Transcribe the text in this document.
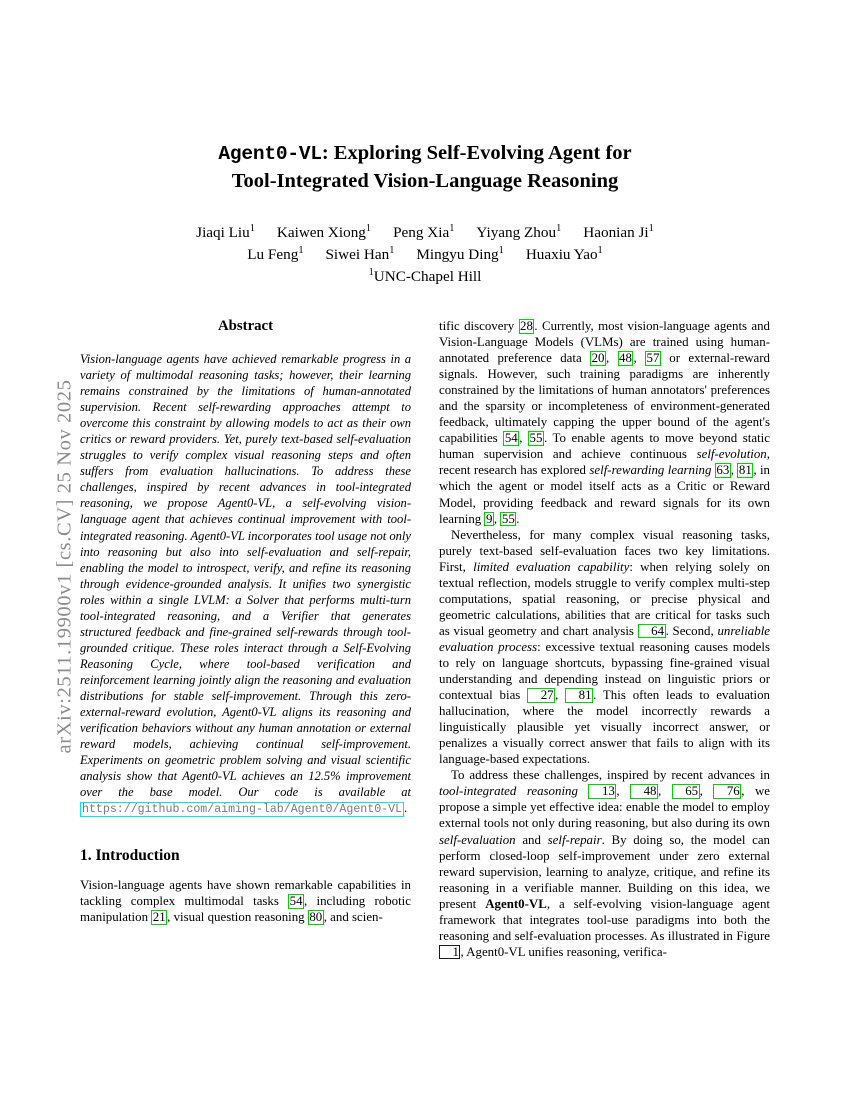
arXiv:2511.19900v1 [cs.CV] 25 Nov 2025
Agent0-VL: Exploring Self-Evolving Agent for
Tool-Integrated Vision-Language Reasoning
Jiaqi Liu$^1$ Kaiwen Xiong$^1$ Peng Xia$^1$ Yiyang Zhou$^1$ Haonian Ji$^1$
Lu Feng$^1$ Siwei Han$^1$ Mingyu Ding$^1$ Huaxiu Yao$^1$
$^1$UNC-Chapel Hill
Abstract

Vision-language agents have achieved remarkable progress in a variety of multimodal reasoning tasks; however, their learning remains constrained by the limitations of human-annotated supervision. Recent self-rewarding approaches attempt to overcome this constraint by allowing models to act as their own critics or reward providers. Yet, purely text-based self-evaluation struggles to verify complex visual reasoning steps and often suffers from evaluation hallucinations. To address these challenges, inspired by recent advances in tool-integrated reasoning, we propose Agent0-VL, a self-evolving vision-language agent that achieves continual improvement with tool-integrated reasoning. Agent0-VL incorporates tool usage not only into reasoning but also into self-evaluation and self-repair, enabling the model to introspect, verify, and refine its reasoning through evidence-grounded analysis. It unifies two synergistic roles within a single LVLM: a Solver that performs multi-turn tool-integrated reasoning, and a Verifier that generates structured feedback and fine-grained self-rewards through tool-grounded critique. These roles interact through a Self-Evolving Reasoning Cycle, where tool-based verification and reinforcement learning jointly align the reasoning and evaluation distributions for stable self-improvement. Through this zero-external-reward evolution, Agent0-VL aligns its reasoning and verification behaviors without any human annotation or external reward models, achieving continual self-improvement. Experiments on geometric problem solving and visual scientific analysis show that Agent0-VL achieves an 12.5% improvement over the base model. Our code is available at https://github.com/aiming-lab/Agent0/Agent0-VL .

1. Introduction

Vision-language agents have shown remarkable capabilities in tackling complex multimodal tasks 54 , including robotic manipulation 21 , visual question reasoning 80 , and scien-

tific discovery 28 . Currently, most vision-language agents and Vision-Language Models (VLMs) are trained using human-annotated preference data 20 , 48 , 57 or external-reward signals. However, such training paradigms are inherently constrained by the limitations of human annotators' preferences and the sparsity or incompleteness of environment-generated feedback, ultimately capping the upper bound of the agent's capabilities 54 , 55 . To enable agents to move beyond static human supervision and achieve continuous self-evolution, recent research has explored self-rewarding learning 63 , 81 , in which the agent or model itself acts as a Critic or Reward Model, providing feedback and reward signals for its own learning 9 , 55 .

Nevertheless, for many complex visual reasoning tasks, purely text-based self-evaluation faces two key limitations. First, limited evaluation capability: when relying solely on textual reflection, models struggle to verify complex multi-step computations, spatial reasoning, or precise physical and geometric calculations, abilities that are critical for tasks such as visual geometry and chart analysis 64 . Second, unreliable evaluation process: excessive textual reasoning causes models to rely on language shortcuts, bypassing fine-grained visual understanding and depending instead on linguistic priors or contextual bias 27 , 81 . This often leads to evaluation hallucination, where the model incorrectly rewards a linguistically plausible yet visually incorrect answer, or penalizes a visually correct answer that fails to align with its language-based expectations.

To address these challenges, inspired by recent advances in tool-integrated reasoning 13 , 48 , 65 , 76 , we propose a simple yet effective idea: enable the model to employ external tools not only during reasoning, but also during its own self-evaluation and self-repair. By doing so, the model can perform closed-loop self-improvement under zero external reward supervision, learning to analyze, critique, and refine its reasoning in a verifiable manner. Building on this idea, we present Agent0-VL, a self-evolving vision-language agent framework that integrates tool-use paradigms into both the reasoning and self-evaluation processes. As illustrated in Figure1 , Agent0-VL unifies reasoning, verifica-
